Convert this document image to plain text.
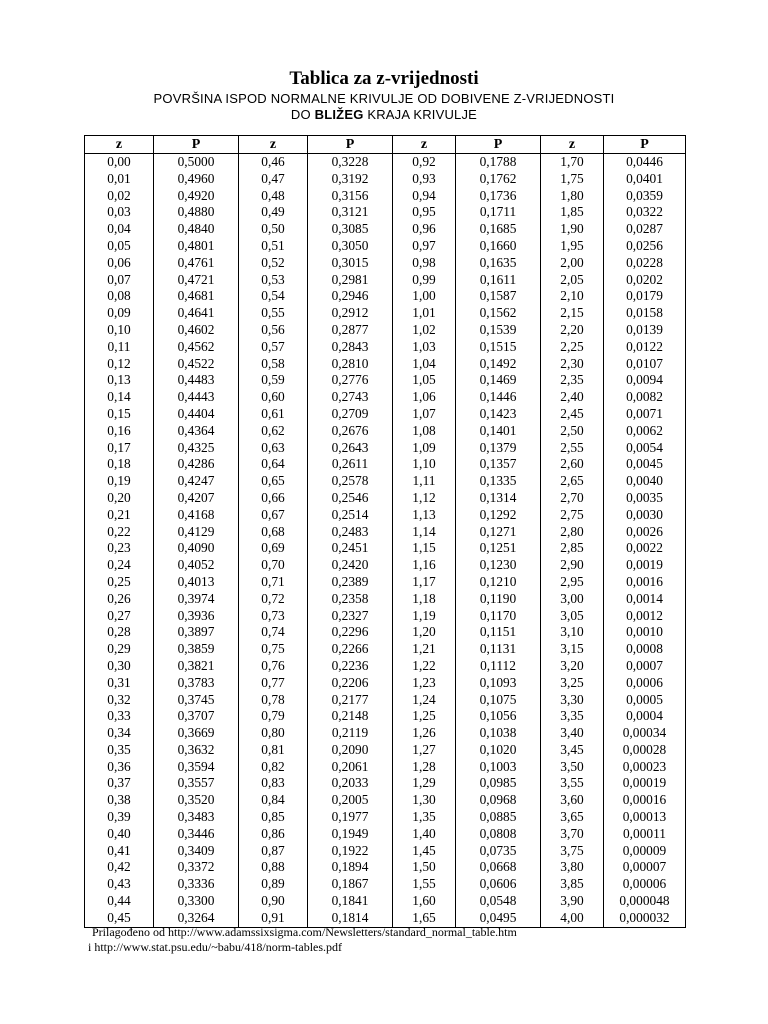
Tablica za z-vrijednosti
POVRŠINA ISPOD NORMALNE KRIVULJE OD DOBIVENE Z-VRIJEDNOSTI
DO BLIŽEG KRAJA KRIVULJE
z	P	z	P	z	P	z	P
0,00	0,5000	0,46	0,3228	0,92	0,1788	1,70	0,0446
0,01	0,4960	0,47	0,3192	0,93	0,1762	1,75	0,0401
0,02	0,4920	0,48	0,3156	0,94	0,1736	1,80	0,0359
0,03	0,4880	0,49	0,3121	0,95	0,1711	1,85	0,0322
0,04	0,4840	0,50	0,3085	0,96	0,1685	1,90	0,0287
0,05	0,4801	0,51	0,3050	0,97	0,1660	1,95	0,0256
0,06	0,4761	0,52	0,3015	0,98	0,1635	2,00	0,0228
0,07	0,4721	0,53	0,2981	0,99	0,1611	2,05	0,0202
0,08	0,4681	0,54	0,2946	1,00	0,1587	2,10	0,0179
0,09	0,4641	0,55	0,2912	1,01	0,1562	2,15	0,0158
0,10	0,4602	0,56	0,2877	1,02	0,1539	2,20	0,0139
0,11	0,4562	0,57	0,2843	1,03	0,1515	2,25	0,0122
0,12	0,4522	0,58	0,2810	1,04	0,1492	2,30	0,0107
0,13	0,4483	0,59	0,2776	1,05	0,1469	2,35	0,0094
0,14	0,4443	0,60	0,2743	1,06	0,1446	2,40	0,0082
0,15	0,4404	0,61	0,2709	1,07	0,1423	2,45	0,0071
0,16	0,4364	0,62	0,2676	1,08	0,1401	2,50	0,0062
0,17	0,4325	0,63	0,2643	1,09	0,1379	2,55	0,0054
0,18	0,4286	0,64	0,2611	1,10	0,1357	2,60	0,0045
0,19	0,4247	0,65	0,2578	1,11	0,1335	2,65	0,0040
0,20	0,4207	0,66	0,2546	1,12	0,1314	2,70	0,0035
0,21	0,4168	0,67	0,2514	1,13	0,1292	2,75	0,0030
0,22	0,4129	0,68	0,2483	1,14	0,1271	2,80	0,0026
0,23	0,4090	0,69	0,2451	1,15	0,1251	2,85	0,0022
0,24	0,4052	0,70	0,2420	1,16	0,1230	2,90	0,0019
0,25	0,4013	0,71	0,2389	1,17	0,1210	2,95	0,0016
0,26	0,3974	0,72	0,2358	1,18	0,1190	3,00	0,0014
0,27	0,3936	0,73	0,2327	1,19	0,1170	3,05	0,0012
0,28	0,3897	0,74	0,2296	1,20	0,1151	3,10	0,0010
0,29	0,3859	0,75	0,2266	1,21	0,1131	3,15	0,0008
0,30	0,3821	0,76	0,2236	1,22	0,1112	3,20	0,0007
0,31	0,3783	0,77	0,2206	1,23	0,1093	3,25	0,0006
0,32	0,3745	0,78	0,2177	1,24	0,1075	3,30	0,0005
0,33	0,3707	0,79	0,2148	1,25	0,1056	3,35	0,0004
0,34	0,3669	0,80	0,2119	1,26	0,1038	3,40	0,00034
0,35	0,3632	0,81	0,2090	1,27	0,1020	3,45	0,00028
0,36	0,3594	0,82	0,2061	1,28	0,1003	3,50	0,00023
0,37	0,3557	0,83	0,2033	1,29	0,0985	3,55	0,00019
0,38	0,3520	0,84	0,2005	1,30	0,0968	3,60	0,00016
0,39	0,3483	0,85	0,1977	1,35	0,0885	3,65	0,00013
0,40	0,3446	0,86	0,1949	1,40	0,0808	3,70	0,00011
0,41	0,3409	0,87	0,1922	1,45	0,0735	3,75	0,00009
0,42	0,3372	0,88	0,1894	1,50	0,0668	3,80	0,00007
0,43	0,3336	0,89	0,1867	1,55	0,0606	3,85	0,00006
0,44	0,3300	0,90	0,1841	1,60	0,0548	3,90	0,000048
0,45	0,3264	0,91	0,1814	1,65	0,0495	4,00	0,000032
Prilagođeno od http://www.adamssixsigma.com/Newsletters/standard_normal_table.htm
i http://www.stat.psu.edu/~babu/418/norm-tables.pdf
